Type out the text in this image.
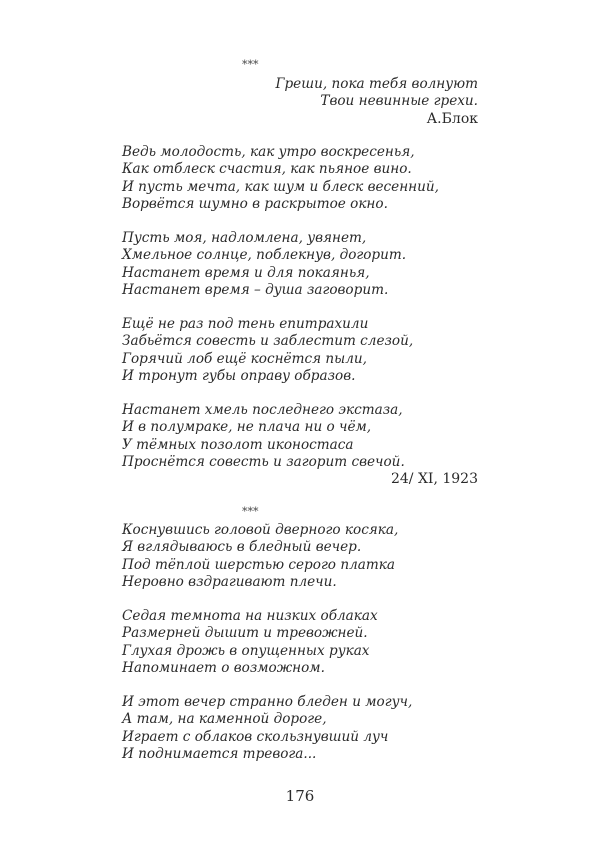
***
Греши, пока тебя волнуют
Твои невинные грехи.
А.Блок
Ведь молодость, как утро воскресенья,
Как отблеск счастия, как пьяное вино.
И пусть мечта, как шум и блеск весенний,
Ворвётся шумно в раскрытое окно.
Пусть моя, надломлена, увянет,
Хмельное солнце, поблекнув, догорит.
Настанет время и для покаянья,
Настанет время – душа заговорит.
Ещё не раз под тень епитрахили
Забьётся совесть и заблестит слезой,
Горячий лоб ещё коснётся пыли,
И тронут губы оправу образов.
Настанет хмель последнего экстаза,
И в полумраке, не плача ни о чём,
У тёмных позолот иконостаса
Проснётся совесть и загорит свечой.
24/ XI, 1923
***
Коснувшись головой дверного косяка,
Я вглядываюсь в бледный вечер.
Под тёплой шерстью серого платка
Неровно вздрагивают плечи.
Седая темнота на низких облаках
Размерней дышит и тревожней.
Глухая дрожь в опущенных руках
Напоминает о возможном.
И этот вечер странно бледен и могуч,
А там, на каменной дороге,
Играет с облаков скользнувший луч
И поднимается тревога...
176
